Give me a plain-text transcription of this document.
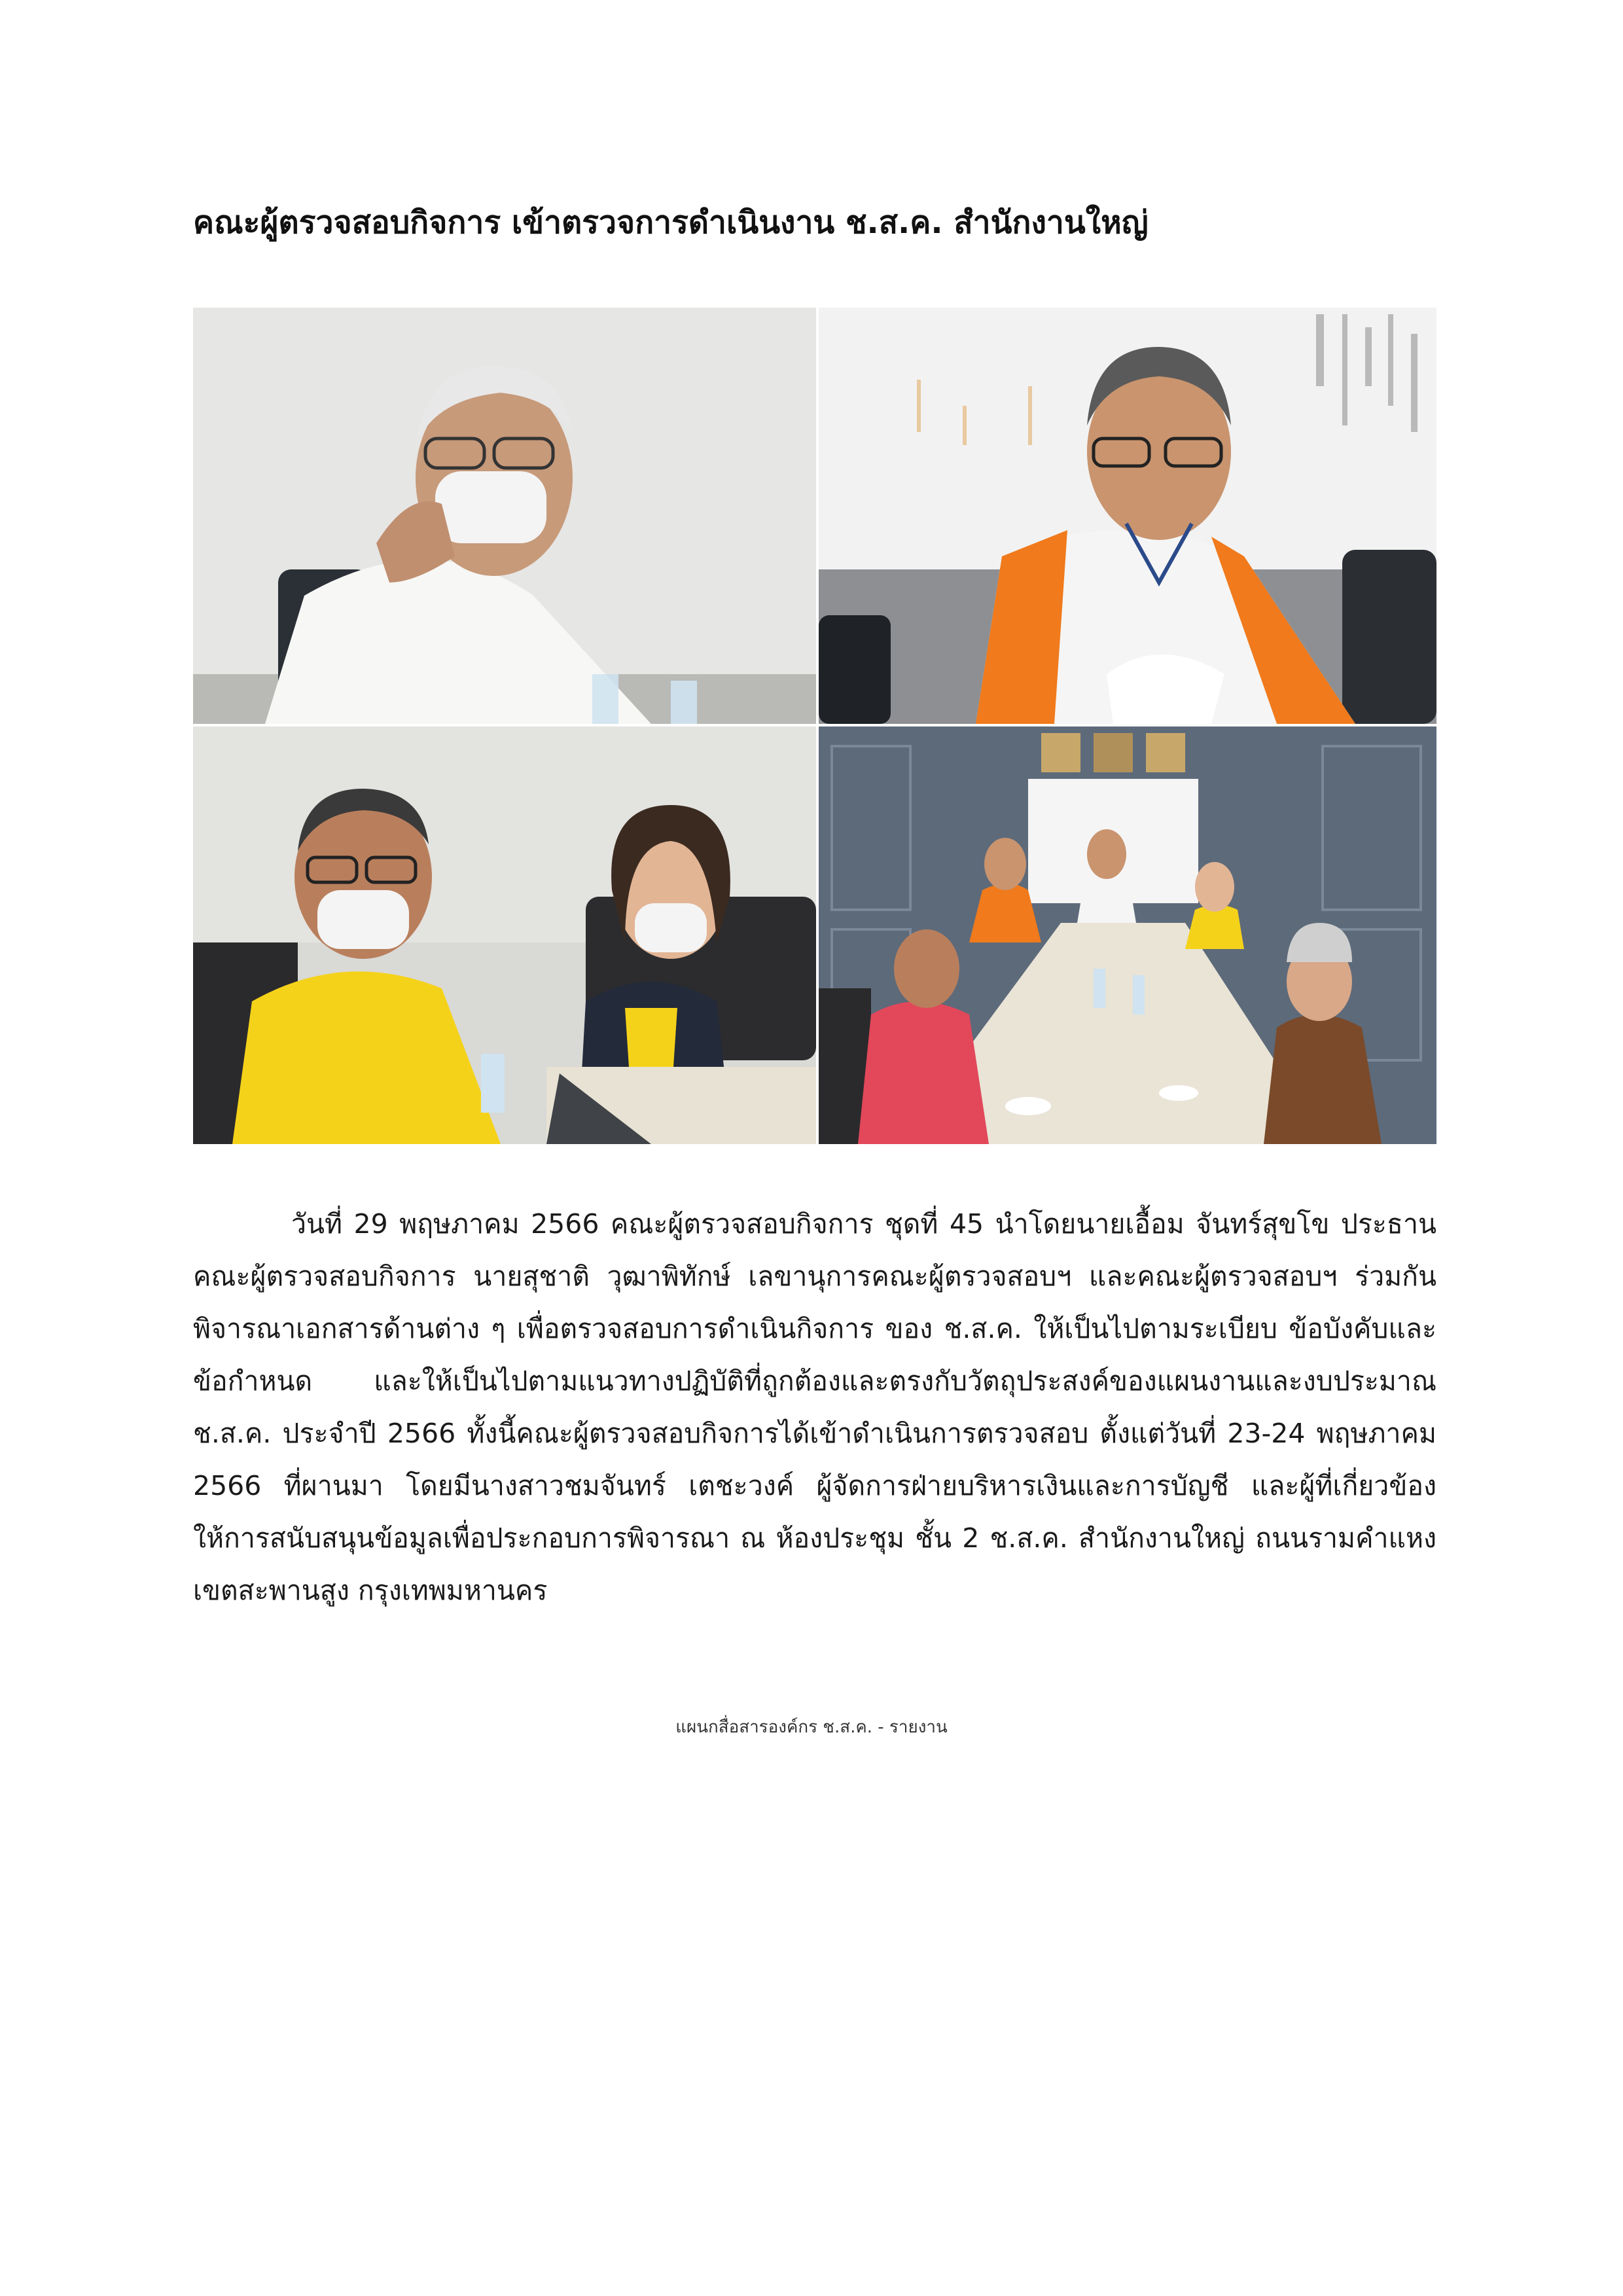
คณะผู้ตรวจสอบกิจการ เข้าตรวจการดำเนินงาน ช.ส.ค. สำนักงานใหญ่

วันที่ 29 พฤษภาคม 2566 คณะผู้ตรวจสอบกิจการ ชุดที่ 45 นำโดยนายเอื้อม จันทร์สุขโข ประธานคณะผู้ตรวจสอบกิจการ นายสุชาติ วุฒาพิทักษ์ เลขานุการคณะผู้ตรวจสอบฯ และคณะผู้ตรวจสอบฯ ร่วมกันพิจารณาเอกสารด้านต่าง ๆ เพื่อตรวจสอบการดำเนินกิจการ ของ ช.ส.ค. ให้เป็นไปตามระเบียบ ข้อบังคับและข้อกำหนด และให้เป็นไปตามแนวทางปฏิบัติที่ถูกต้องและตรงกับวัตถุประสงค์ของแผนงานและงบประมาณ ช.ส.ค. ประจำปี 2566 ทั้งนี้คณะผู้ตรวจสอบกิจการได้เข้าดำเนินการตรวจสอบ ตั้งแต่วันที่ 23-24 พฤษภาคม 2566 ที่ผานมา โดยมีนางสาวชมจันทร์ เตชะวงค์ ผู้จัดการฝ่ายบริหารเงินและการบัญชี และผู้ที่เกี่ยวข้องให้การสนับสนุนข้อมูลเพื่อประกอบการพิจารณา ณ ห้องประชุม ชั้น 2 ช.ส.ค. สำนักงานใหญ่ ถนนรามคำแหง เขตสะพานสูง กรุงเทพมหานคร

แผนกสื่อสารองค์กร ช.ส.ค. - รายงาน
